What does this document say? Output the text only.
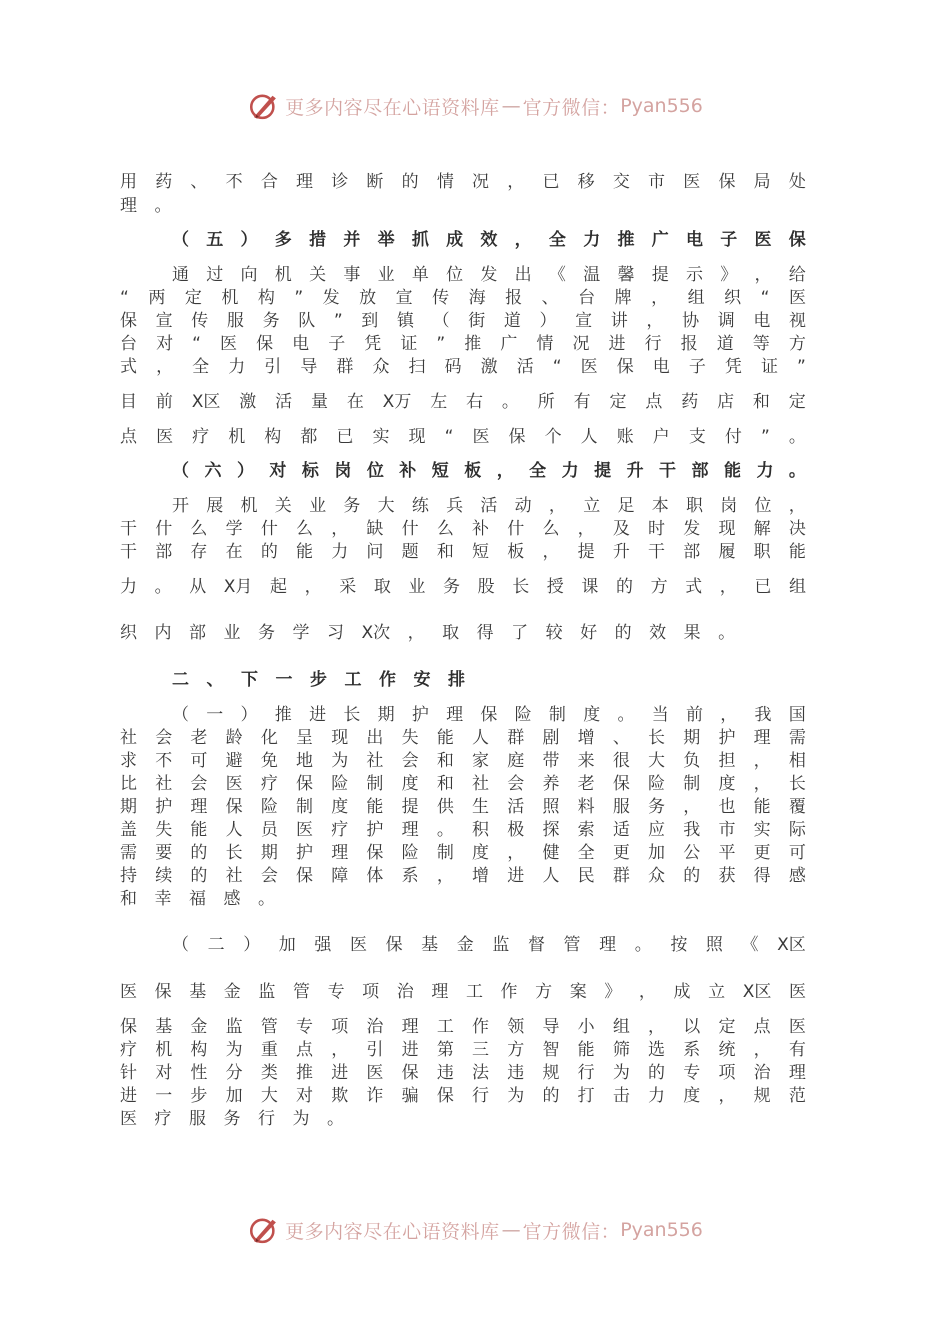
更多内容尽在心语资料库 — 官方微信： Pyan556
用 药 、 不 合 理 诊 断 的 情 况 ， 已 移 交 市 医 保 局 处
理 。
（ 五 ） 多 措 并 举 抓 成 效 ， 全 力 推 广 电 子 医 保
通 过 向 机 关 事 业 单 位 发 出 《 温 馨 提 示 》 ， 给
“ 两 定 机 构 ” 发 放 宣 传 海 报 、 台 牌 ， 组 织 “ 医
保 宣 传 服 务 队 ” 到 镇 （ 街 道 ） 宣 讲 ， 协 调 电 视
台 对 “ 医 保 电 子 凭 证 ” 推 广 情 况 进 行 报 道 等 方
式 ， 全 力 引 导 群 众 扫 码 激 活 “ 医 保 电 子 凭 证 ”
目 前 X区 激 活 量 在 X万 左 右 。 所 有 定 点 药 店 和 定
点 医 疗 机 构 都 已 实 现 “ 医 保 个 人 账 户 支 付 ” 。
（ 六 ） 对 标 岗 位 补 短 板 ， 全 力 提 升 干 部 能 力 。
开 展 机 关 业 务 大 练 兵 活 动 ， 立 足 本 职 岗 位 ，
干 什 么 学 什 么 ， 缺 什 么 补 什 么 ， 及 时 发 现 解 决
干 部 存 在 的 能 力 问 题 和 短 板 ， 提 升 干 部 履 职 能
力 。 从 X月 起 ， 采 取 业 务 股 长 授 课 的 方 式 ， 已 组
织 内 部 业 务 学 习 X次 ， 取 得 了 较 好 的 效 果 。
二 、 下 一 步 工 作 安 排
（ 一 ） 推 进 长 期 护 理 保 险 制 度 。 当 前 ， 我 国
社 会 老 龄 化 呈 现 出 失 能 人 群 剧 增 、 长 期 护 理 需
求 不 可 避 免 地 为 社 会 和 家 庭 带 来 很 大 负 担 ， 相
比 社 会 医 疗 保 险 制 度 和 社 会 养 老 保 险 制 度 ， 长
期 护 理 保 险 制 度 能 提 供 生 活 照 料 服 务 ， 也 能 覆
盖 失 能 人 员 医 疗 护 理 。 积 极 探 索 适 应 我 市 实 际
需 要 的 长 期 护 理 保 险 制 度 ， 健 全 更 加 公 平 更 可
持 续 的 社 会 保 障 体 系 ， 增 进 人 民 群 众 的 获 得 感
和 幸 福 感 。
（ 二 ） 加 强 医 保 基 金 监 督 管 理 。 按 照 《 X区
医 保 基 金 监 管 专 项 治 理 工 作 方 案 》 ， 成 立 X区 医
保 基 金 监 管 专 项 治 理 工 作 领 导 小 组 ， 以 定 点 医
疗 机 构 为 重 点 ， 引 进 第 三 方 智 能 筛 选 系 统 ， 有
针 对 性 分 类 推 进 医 保 违 法 违 规 行 为 的 专 项 治 理
进 一 步 加 大 对 欺 诈 骗 保 行 为 的 打 击 力 度 ， 规 范
医 疗 服 务 行 为 。
更多内容尽在心语资料库 — 官方微信： Pyan556
